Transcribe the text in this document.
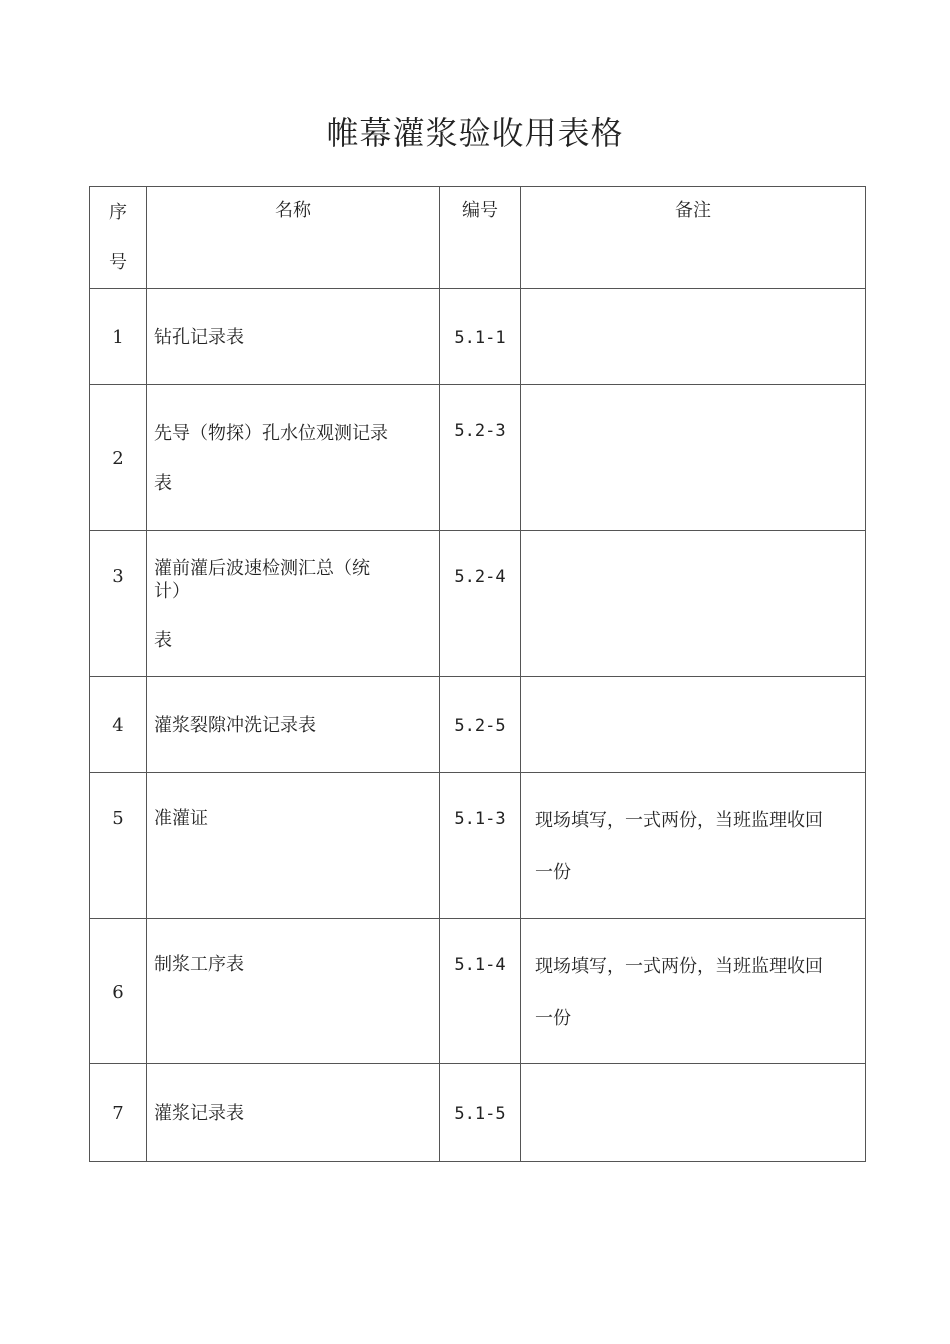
帷幕灌浆验收用表格
序
号	名称	编号	备注

1	钻孔记录表	5.1-1	

2	先导（物探）孔水位观测记录
表	5.2-3	

3	灌前灌后波速检测汇总（统
计）
表	5.2-4	

4	灌浆裂隙冲洗记录表	5.2-5	

5	准灌证	5.1-3	现场填写，一式两份，当班监理收回
一份

6	制浆工序表	5.1-4	现场填写，一式两份，当班监理收回
一份

7	灌浆记录表	5.1-5	
